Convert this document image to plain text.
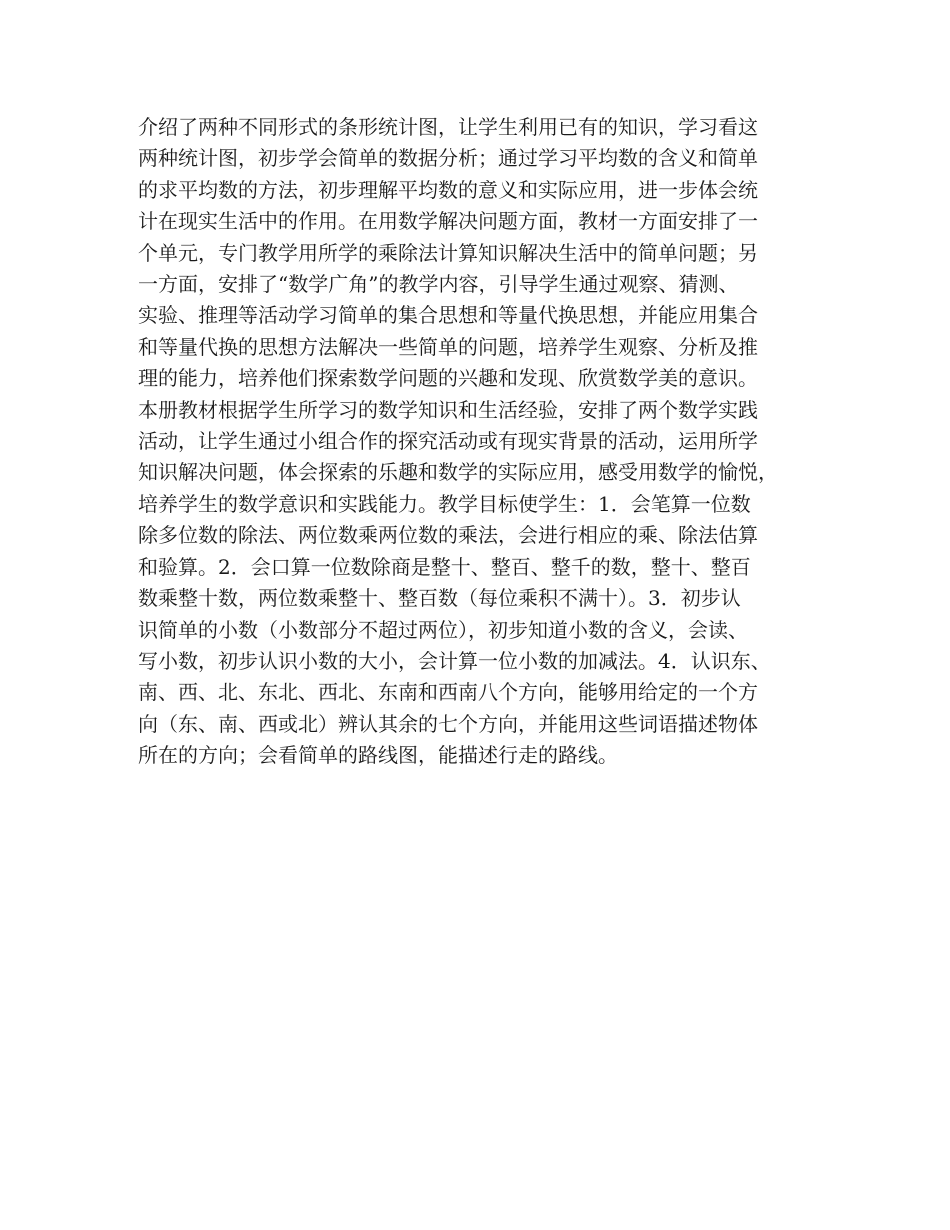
介绍了两种不同形式的条形统计图，让学生利用已有的知识，学习看这
两种统计图，初步学会简单的数据分析；通过学习平均数的含义和简单
的求平均数的方法，初步理解平均数的意义和实际应用，进一步体会统
计在现实生活中的作用。在用数学解决问题方面，教材一方面安排了一
个单元，专门教学用所学的乘除法计算知识解决生活中的简单问题；另
一方面，安排了“数学广角”的教学内容，引导学生通过观察、猜测、
实验、推理等活动学习简单的集合思想和等量代换思想，并能应用集合
和等量代换的思想方法解决一些简单的问题，培养学生观察、分析及推
理的能力，培养他们探索数学问题的兴趣和发现、欣赏数学美的意识。
本册教材根据学生所学习的数学知识和生活经验，安排了两个数学实践
活动，让学生通过小组合作的探究活动或有现实背景的活动，运用所学
知识解决问题，体会探索的乐趣和数学的实际应用，感受用数学的愉悦，
培养学生的数学意识和实践能力。教学目标使学生：1．会笔算一位数
除多位数的除法、两位数乘两位数的乘法，会进行相应的乘、除法估算
和验算。2．会口算一位数除商是整十、整百、整千的数，整十、整百
数乘整十数，两位数乘整十、整百数（每位乘积不满十）。3．初步认
识简单的小数（小数部分不超过两位），初步知道小数的含义，会读、
写小数，初步认识小数的大小，会计算一位小数的加减法。4．认识东、
南、西、北、东北、西北、东南和西南八个方向，能够用给定的一个方
向（东、南、西或北）辨认其余的七个方向，并能用这些词语描述物体
所在的方向；会看简单的路线图，能描述行走的路线。
